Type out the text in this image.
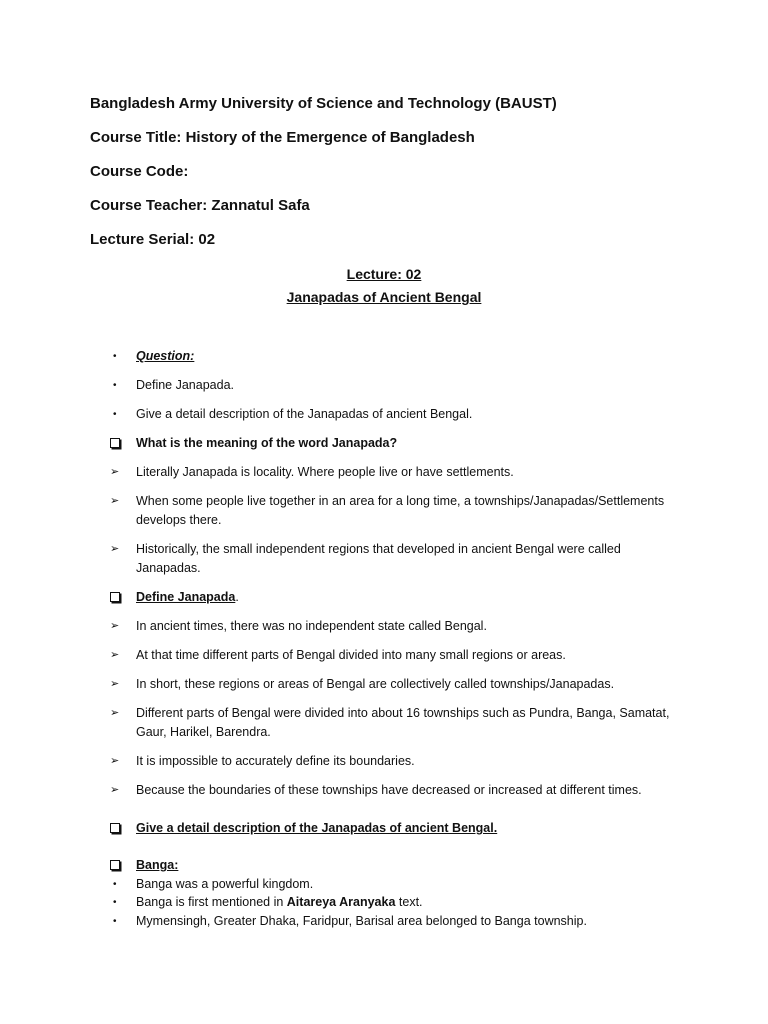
Bangladesh Army University of Science and Technology (BAUST)
Course Title: History of the Emergence of Bangladesh
Course Code:
Course Teacher: Zannatul Safa
Lecture Serial: 02
Lecture: 02
Janapadas of Ancient Bengal
•	Question:
•	Define Janapada.
•	Give a detail description of the Janapadas of ancient Bengal.
What is the meaning of the word Janapada?
➢	Literally Janapada is locality. Where people live or have settlements.
➢	When some people live together in an area for a long time, a townships/Janapadas/Settlements develops there.
➢	Historically, the small independent regions that developed in ancient Bengal were called Janapadas.
Define Janapada.
➢	In ancient times, there was no independent state called Bengal.
➢	At that time different parts of Bengal divided into many small regions or areas.
➢	In short, these regions or areas of Bengal are collectively called townships/Janapadas.
➢	Different parts of Bengal were divided into about 16 townships such as Pundra, Banga, Samatat, Gaur, Harikel, Barendra.
➢	It is impossible to accurately define its boundaries.
➢	Because the boundaries of these townships have decreased or increased at different times.
Give a detail description of the Janapadas of ancient Bengal.
Banga:
•	Banga was a powerful kingdom.
•	Banga is first mentioned in Aitareya Aranyaka text.
•	Mymensingh, Greater Dhaka, Faridpur, Barisal area belonged to Banga township.
